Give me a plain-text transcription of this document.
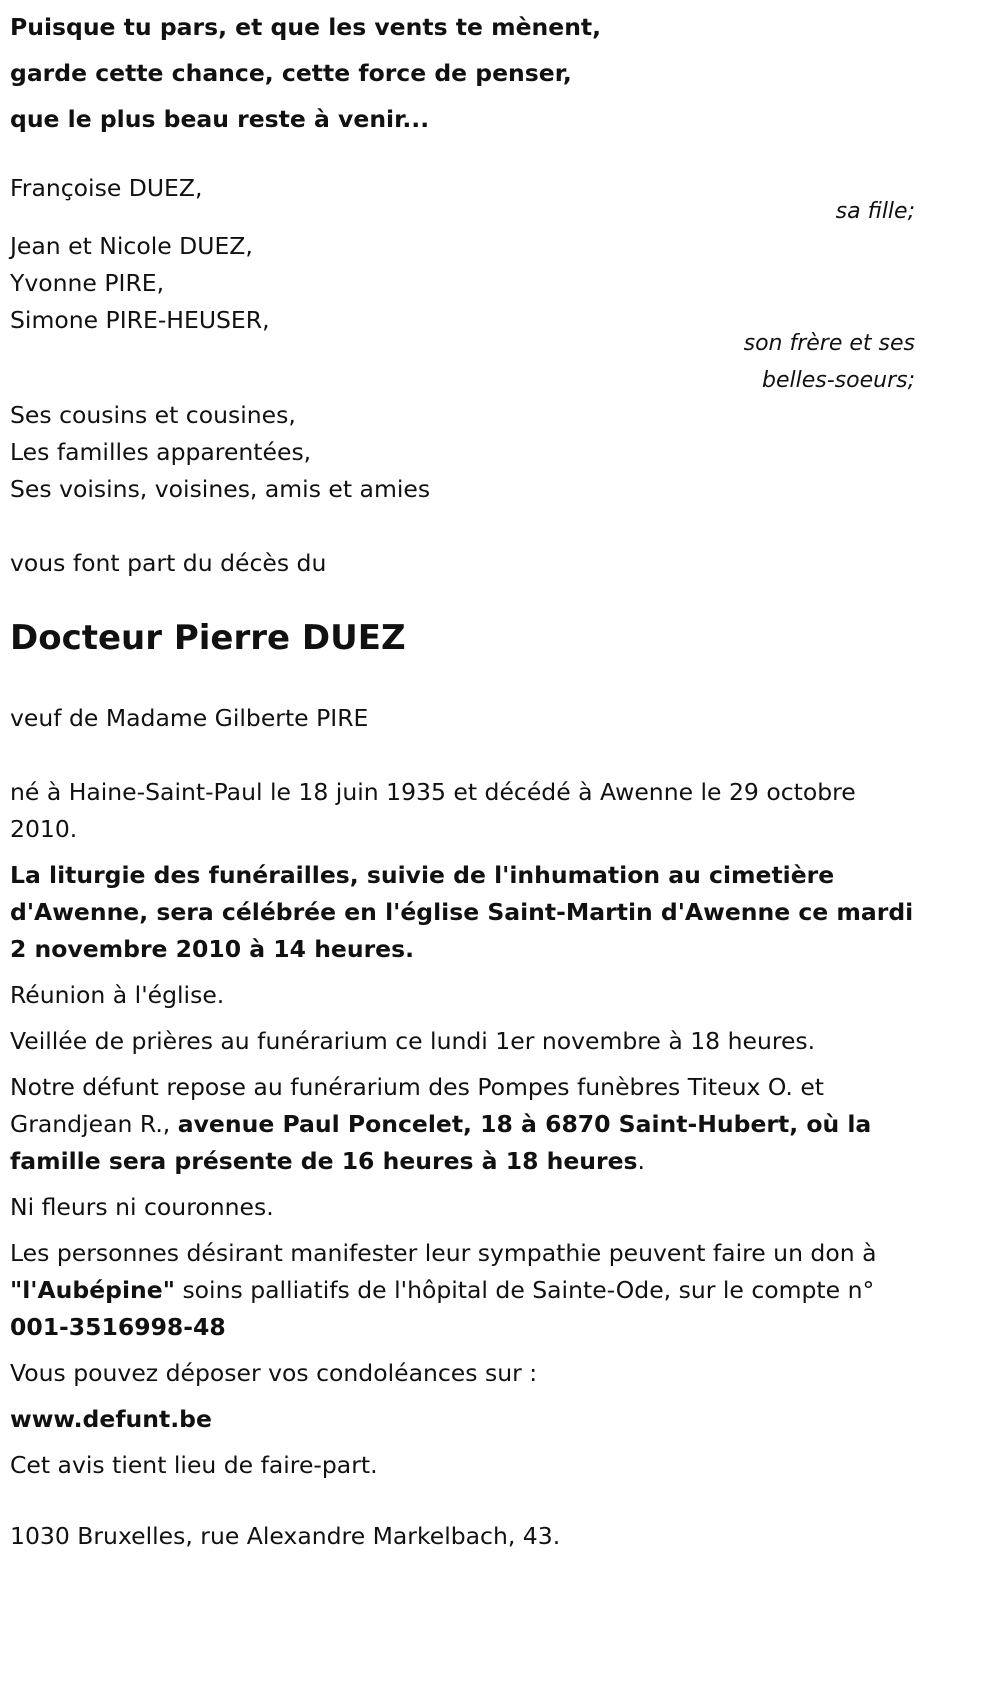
Puisque tu pars, et que les vents te mènent,
garde cette chance, cette force de penser,
que le plus beau reste à venir...
Françoise DUEZ,
sa fille;
Jean et Nicole DUEZ,
Yvonne PIRE,
Simone PIRE-HEUSER,
son frère et ses
belles-soeurs;
Ses cousins et cousines,
Les familles apparentées,
Ses voisins, voisines, amis et amies
vous font part du décès du
Docteur Pierre DUEZ
veuf de Madame Gilberte PIRE

né à Haine-Saint-Paul le 18 juin 1935 et décédé à Awenne le 29 octobre 2010.

La liturgie des funérailles, suivie de l'inhumation au cimetière d'Awenne, sera célébrée en l'église Saint-Martin d'Awenne ce mardi 2 novembre 2010 à 14 heures.

Réunion à l'église.

Veillée de prières au funérarium ce lundi 1er novembre à 18 heures.

Notre défunt repose au funérarium des Pompes funèbres Titeux O. et Grandjean R., avenue Paul Poncelet, 18 à 6870 Saint-Hubert, où la famille sera présente de 16 heures à 18 heures.

Ni fleurs ni couronnes.

Les personnes désirant manifester leur sympathie peuvent faire un don à "l'Aubépine" soins palliatifs de l'hôpital de Sainte-Ode, sur le compte n° 001-3516998-48

Vous pouvez déposer vos condoléances sur :

www.defunt.be

Cet avis tient lieu de faire-part.

1030 Bruxelles, rue Alexandre Markelbach, 43.
